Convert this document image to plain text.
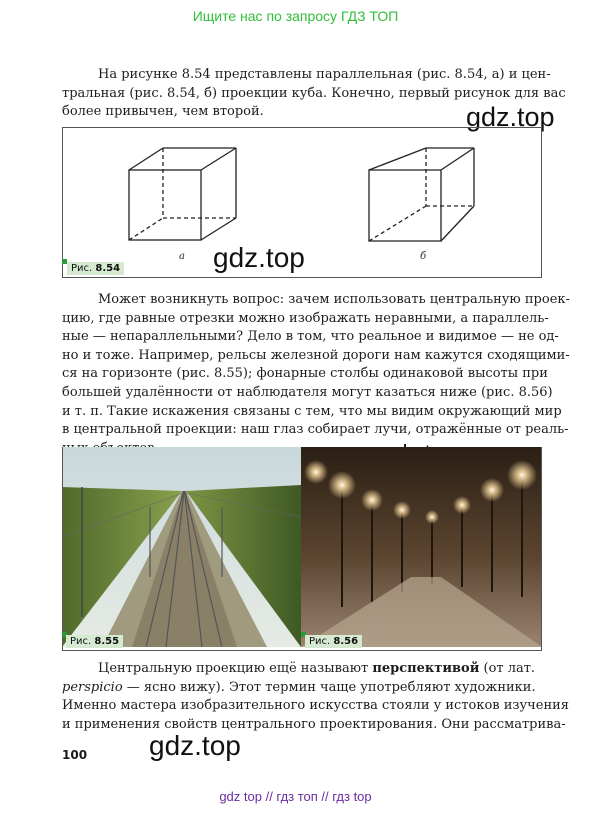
Ищите нас по запросу ГДЗ ТОП
На рисунке 8.54 представлены параллельная (рис. 8.54, а) и цен-
тральная (рис. 8.54, б) проекции куба. Конечно, первый рисунок для вас
более привычен, чем второй.	gdz.top
а	б
Рис. 8.54	gdz.top
Может возникнуть вопрос: зачем использовать центральную проек-
цию, где равные отрезки можно изображать неравными, а параллель-
ные — непараллельными? Дело в том, что реальное и видимое — не од-
но и тоже. Например, рельсы железной дороги нам кажутся сходящими-
ся на горизонте (рис. 8.55); фонарные столбы одинаковой высоты при
большей удалённости от наблюдателя могут казаться ниже (рис. 8.56)
и т. п. Такие искажения связаны с тем, что мы видим окружающий мир
в центральной проекции: наш глаз собирает лучи, отражённые от реаль-
Рис. 8.55	Рис. 8.56
Центральную проекцию ещё называют перспективой (от лат.
perspicio — ясно вижу). Этот термин чаще употребляют художники.
Именно мастера изобразительного искусства стояли у истоков изучения
и применения свойств центрального проектирования. Они рассматрива-
gdz.top
100
gdz top // гдз топ // гдз top
